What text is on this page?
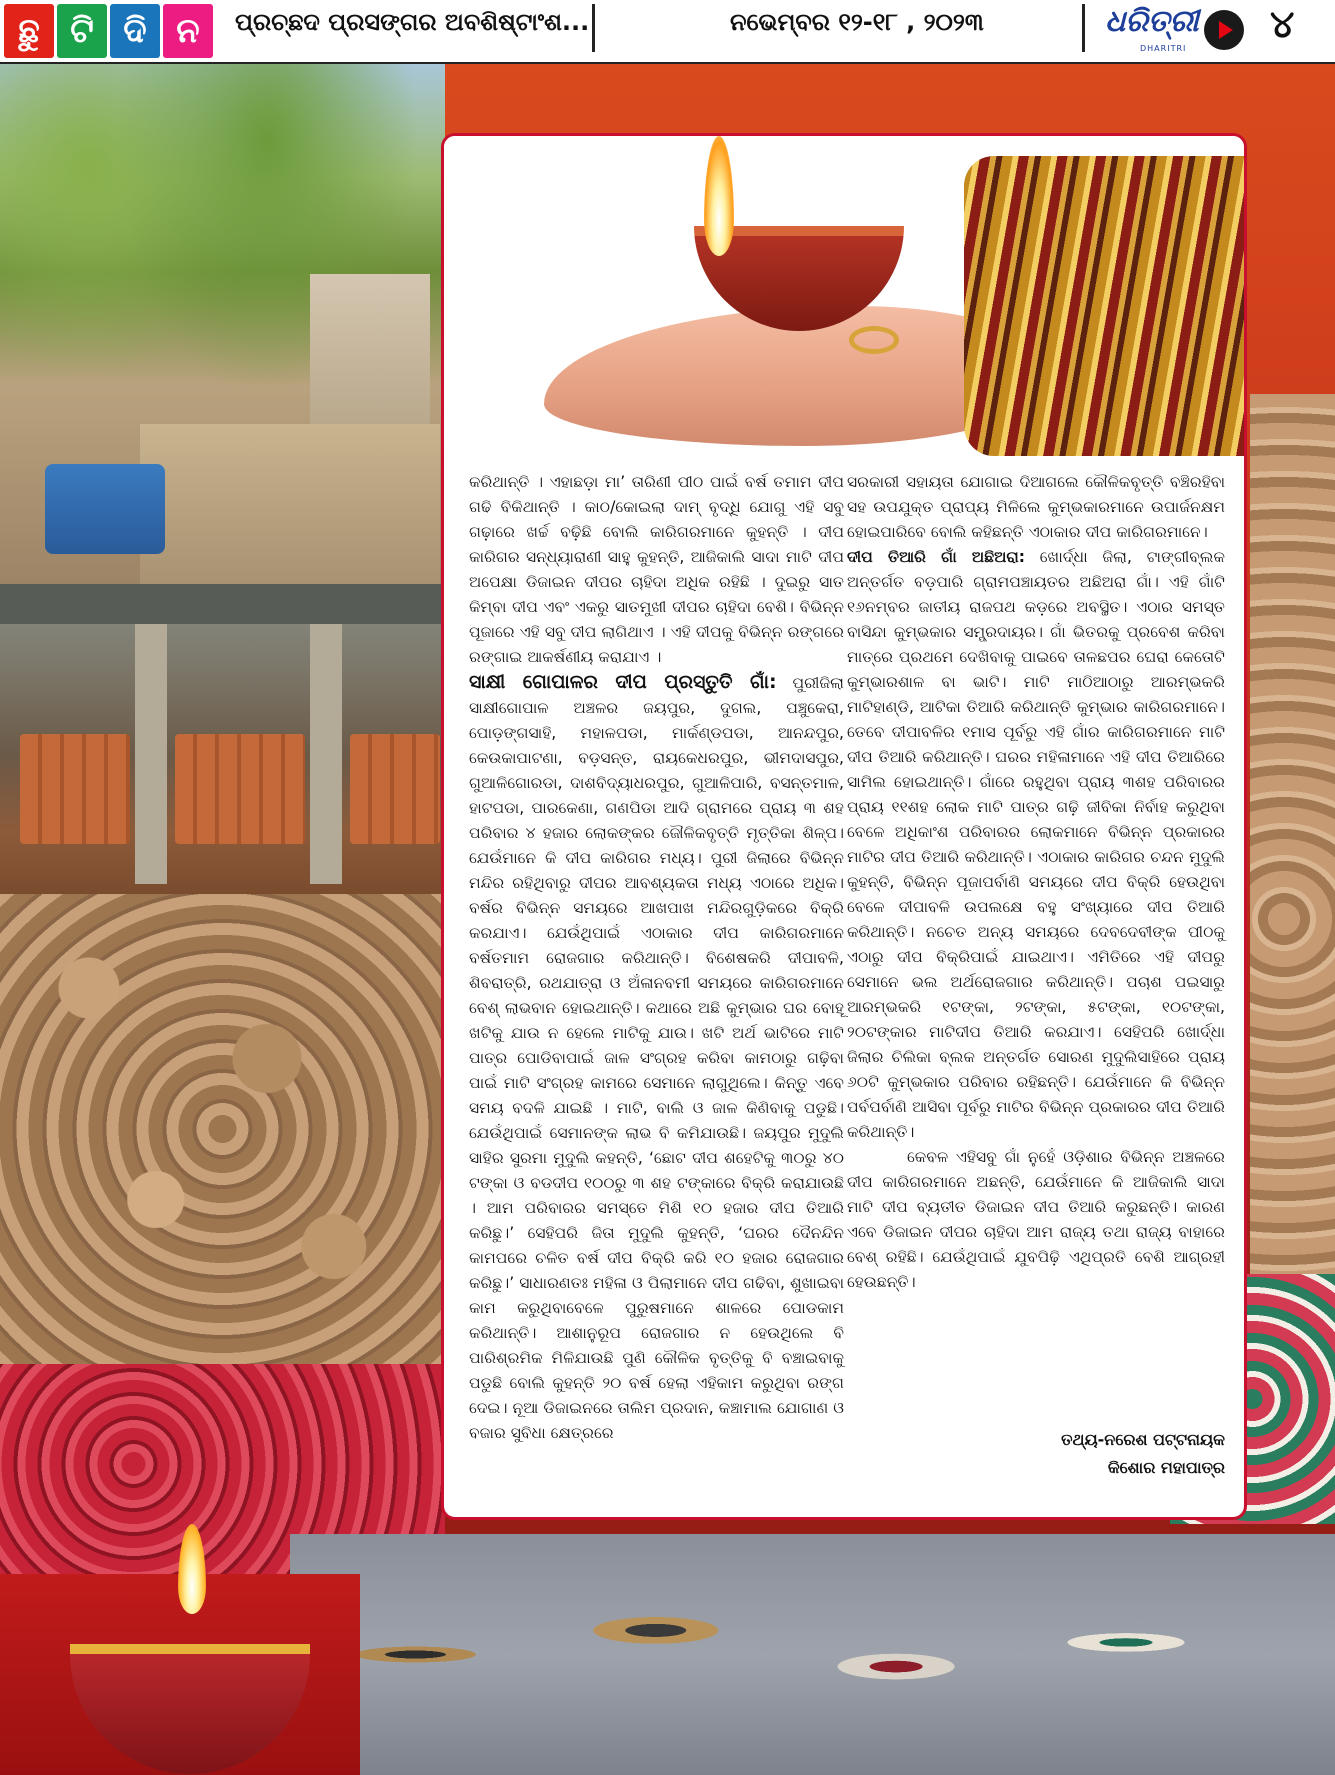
ଛୁ ଟି ଦି ନ	ପ୍ରଚ୍ଛଦ ପ୍ରସଙ୍ଗର ଅବଶିଷ୍ଟାଂଶ...	ନଭେମ୍ବର ୧୨-୧୮ , ୨୦୨୩	ଧରିତ୍ରୀ
DHARITRI
୪

କରିଥାନ୍ତି । ଏହାଛଡ଼ା ମା’ ତାରିଣୀ ପୀଠ ପାଇଁ ବର୍ଷ ତମାମ ଦୀପ ଗଢି ବିକିଥାନ୍ତି । କାଠ/କୋଇଲା ଦାମ୍ ବୃଦ୍ଧି ଯୋଗୁ ଏହି ସବୁ ଗଢ଼ାରେ ଖର୍ଚ୍ଚ ବଢ଼ିଛି ବୋଲି କାରିଗରମାନେ କୁହନ୍ତି । ଦୀପ କାରିଗର ସନ୍ଧ୍ୟାରାଣୀ ସାହୁ କୁହନ୍ତି, ଆଜିକାଲି ସାଦା ମାଟି ଦୀପ ଅପେକ୍ଷା ଡିଜାଇନ ଦୀପର ଚାହିଦା ଅଧିକ ରହିଛି । ଦୁଇରୁ ସାତ କିମ୍ବା ଦୀପ ଏବଂ ଏକରୁ ସାତମୁଖୀ ଦୀପର ଚାହିଦା ବେଶି। ବିଭିନ୍ନ ପୂଜାରେ ଏହି ସବୁ ଦୀପ ଲାଗିଥାଏ । ଏହି ଦୀପକୁ ବିଭିନ୍ନ ରଙ୍ଗରେ ରଙ୍ଗାଇ ଆକର୍ଷଣୀୟ କରାଯାଏ ।

ସାକ୍ଷୀ ଗୋପାଳର ଦୀପ ପ୍ରସ୍ତୁତି ଗାଁ: ପୁରୀଜିଲା ସାକ୍ଷୀଗୋପାଳ ଅଞ୍ଚଳର ଜୟପୁର, ଦୁଗଲ, ପଞ୍ଚୁକେରା, ପୋଡ଼ଙ୍ଗସାହି, ମହାଳପଡା, ମାର୍କଣ୍ଡପଡା, ଆନନ୍ଦପୁର, କେଉକାପାଟଣା, ବଡ଼ସନ୍ତ, ରାୟକେଧରପୁର, ଭୀମଦାସପୁର, ଗୁଆଳିଗୋରଡା, ଦାଶବିଦ୍ୟାଧରପୁର, ଗୁଆଳିପାରି, ବସନ୍ତମାଳ, ହାଟପଡା, ପାରକେଣା, ଗଣପିଡା ଆଦି ଗ୍ରାମରେ ପ୍ରାୟ ୩ ଶହ ପରିବାର ୪ ହଜାର ଲୋକଙ୍କର ଜୌଳିକବୃତ୍ତି ମୃତ୍ତିକା ଶିଳ୍ପ। ଯେଉଁମାନେ କି ଦୀପ କାରିଗର ମଧ୍ୟ। ପୁରୀ ଜିଲାରେ ବିଭିନ୍ନ ମନ୍ଦିର ରହିଥିବାରୁ ଦୀପର ଆବଶ୍ୟକତା ମଧ୍ୟ ଏଠାରେ ଅଧିକ। ବର୍ଷର ବିଭିନ୍ନ ସମୟରେ ଆଖପାଖ ମନ୍ଦିରଗୁଡ଼ିକରେ ବିକ୍ରି କରଯାଏ। ଯେଉଁଥିପାଇଁ ଏଠାକାର ଦୀପ କାରିଗରମାନେ ବର୍ଷତମାମ ରୋଜଗାର କରିଥାନ୍ତି। ବିଶେଷକରି ଦୀପାବଳି, ଶିବରାତ୍ରି, ରଥଯାତ୍ରା ଓ ଅଁଳାନବମୀ ସମୟରେ କାରିଗରମାନେ ବେଶ୍ ଲାଭବାନ ହୋଇଥାନ୍ତି। କଥାରେ ଅଛି କୁମ୍ଭାର ଘର ବୋହୂ ଖଟିକୁ ଯାଉ ନ ହେଲେ ମାଟିକୁ ଯାଉ। ଖଟି ଅର୍ଥ ଭାଟିରେ ମାଟି ପାତ୍ର ପୋଡିବାପାଇଁ ଜାଳ ସଂଗ୍ରହ କରିବା କାମଠାରୁ ଗଢ଼ିବା ପାଇଁ ମାଟି ସଂଗ୍ରହ କାମରେ ସେମାନେ ଲାଗୁଥିଲେ। କିନ୍ତୁ ଏବେ ସମୟ ବଦଳି ଯାଇଛି । ମାଟି, ବାଲି ଓ ଜାଳ କିଣିବାକୁ ପଡୁଛି। ଯେଉଁଥିପାଇଁ ସେମାନଙ୍କ ଲାଭ ବି କମିଯାଉଛି। ଜୟପୁର ମୁଦୁଲି ସାହିର ସୁରମା ମୁଦୁଲି କହନ୍ତି, ‘ଛୋଟ ଦୀପ ଶହେଟିକୁ ୩୦ରୁ ୪୦ ଟଙ୍କା ଓ ବଡଦୀପ ୧୦୦ରୁ ୩ ଶହ ଟଙ୍କାରେ ବିକ୍ରି କରାଯାଉଛି । ଆମ ପରିବାରର ସମସ୍ତେ ମିଶି ୧୦ ହଜାର ଦୀପ ତିଆରି କରିଛୁ।’ ସେହିପରି ଜିତା ମୁଦୁଲି କୁହନ୍ତି, ‘ଘରର ଦୈନନ୍ଦିନ କାମପରେ ଚଳିତ ବର୍ଷ ଦୀପ ବିକ୍ରି କରି ୧୦ ହଜାର ରୋଜଗାର କରିଛୁ।’ ସାଧାରଣତଃ ମହିଳା ଓ ପିଲାମାନେ ଦୀପ ଗଢିବା, ଶୁଖାଇବା କାମ କରୁଥିବାବେଳେ ପୁରୁଷମାନେ ଶାଳରେ ପୋଡକାମ କରିଥାନ୍ତି। ଆଶାନୁରୂପ ରୋଜଗାର ନ ହେଉଥିଲେ ବି ପାରିଶ୍ରମିକ ମିଳିଯାଉଛି ପୁଣି କୌଳିକ ବୃତ୍ତିକୁ ବି ବଞ୍ଚାଇବାକୁ ପଡୁଛି ବୋଲି କୁହନ୍ତି ୨୦ ବର୍ଷ ହେଲା ଏହିକାମ କରୁଥିବା ରଙ୍ଗ ଦେଇ। ନୂଆ ଡିଜାଇନରେ ତାଲିମ ପ୍ରଦାନ, କଞ୍ଚାମାଲ ଯୋଗାଣ ଓ ବଜାର ସୁବିଧା କ୍ଷେତ୍ରରେ

ସରକାରୀ ସହାୟତା ଯୋଗାଇ ଦିଆଗଲେ କୌଳିକବୃତ୍ତି ବଞ୍ଚିରହିବା ସହ ଉପଯୁକ୍ତ ପ୍ରାପ୍ୟ ମିଳିଲେ କୁମ୍ଭକାରମାନେ ଉପାର୍ଜନକ୍ଷମ ହୋଇପାରିବେ ବୋଲି କହିଛନ୍ତି ଏଠାକାର ଦୀପ କାରିଗରମାନେ।

ଦୀପ ତିଆରି ଗାଁ ଅଛିଅରା: ଖୋର୍ଦ୍ଧା ଜିଲା, ଟାଙ୍ଗୀବ୍ଲକ ଅନ୍ତର୍ଗତ ବଡ଼ପାରି ଗ୍ରାମପଞ୍ଚାୟତର ଅଛିଅରା ଗାଁ। ଏହି ଗାଁଟି ୧୬ନମ୍ବର ଜାତୀୟ ରାଜପଥ କଡ଼ରେ ଅବସ୍ଥିତ। ଏଠାର ସମସ୍ତ ବାସିନ୍ଦା କୁମ୍ଭକାର ସମ୍ପ୍ରଦାୟର। ଗାଁ ଭିତରକୁ ପ୍ରବେଶ କରିବା ମାତ୍ରେ ପ୍ରଥମେ ଦେଖିବାକୁ ପାଇବେ ତାଳଛପର ଘେରା କେତୋଟି କୁମ୍ଭାରଶାଳ ବା ଭାଟି। ମାଟି ମାଠିଆଠାରୁ ଆରମ୍ଭକରି ମାଟିହାଣ୍ଡି, ଆଟିକା ତିଆରି କରିଥାନ୍ତି କୁମ୍ଭାର କାରିଗରମାନେ। ତେବେ ଦୀପାବଳିର ୧ମାସ ପୂର୍ବରୁ ଏହି ଗାଁର କାରିଗରମାନେ ମାଟି ଦୀପ ତିଆରି କରିଥାନ୍ତି। ଘରର ମହିଳାମାନେ ଏହି ଦୀପ ତିଆରିରେ ସାମିଲ ହୋଇଥାନ୍ତି। ଗାଁରେ ରହୁଥିବା ପ୍ରାୟ ୩ଶହ ପରିବାରର ପ୍ରାୟ ୧୧ଶହ ଲୋକ ମାଟି ପାତ୍ର ଗଢ଼ି ଜୀବିକା ନିର୍ବାହ କରୁଥିବା ବେଳେ ଅଧିକାଂଶ ପରିବାରର ଲୋକମାନେ ବିଭିନ୍ନ ପ୍ରକାରର ମାଟିର ଦୀପ ତିଆରି କରିଥାନ୍ତି। ଏଠାକାର କାରିଗର ଚନ୍ଦନ ମୁଦୁଲି କୁହନ୍ତି, ବିଭିନ୍ନ ପୂଜାପର୍ବାଣି ସମୟରେ ଦୀପ ବିକ୍ରି ହେଉଥିବା ବେଳେ ଦୀପାବଳି ଉପଲକ୍ଷେ ବହୁ ସଂଖ୍ୟାରେ ଦୀପ ତିଆରି କରିଥାନ୍ତି। ନଚେତ ଅନ୍ୟ ସମୟରେ ଦେବଦେବୀଙ୍କ ପୀଠକୁ ଏଠାରୁ ଦୀପ ବିକ୍ରିପାଇଁ ଯାଇଥାଏ। ଏମିତିରେ ଏହି ଦୀପରୁ ସେମାନେ ଭଲ ଅର୍ଥରୋଜଗାର କରିଥାନ୍ତି। ପଚାଶ ପଇସାରୁ ଆରମ୍ଭକରି ୧ଟଙ୍କା, ୨ଟଙ୍କା, ୫ଟଙ୍କା, ୧୦ଟଙ୍କା, ୨୦ଟଙ୍କାର ମାଟିଦୀପ ତିଆରି କରଯାଏ। ସେହିପରି ଖୋର୍ଦ୍ଧା ଜିଲାର ଚିଲିକା ବ୍ଲକ ଅନ୍ତର୍ଗତ ସୋରଣ ମୁଦୁଲିସାହିରେ ପ୍ରାୟ ୬୦ଟି କୁମ୍ଭକାର ପରିବାର ରହିଛନ୍ତି। ଯେଉଁମାନେ କି ବିଭିନ୍ନ ପର୍ବପର୍ବାଣି ଆସିବା ପୂର୍ବରୁ ମାଟିର ବିଭିନ୍ନ ପ୍ରକାରର ଦୀପ ତିଆରି କରିଥାନ୍ତି।

କେବଳ ଏହିସବୁ ଗାଁ ନୁହେଁ ଓଡ଼ିଶାର ବିଭିନ୍ନ ଅଞ୍ଚଳରେ ଦୀପ କାରିଗରମାନେ ଅଛନ୍ତି, ଯେଉଁମାନେ କି ଆଜିକାଲି ସାଦା ମାଟି ଦୀପ ବ୍ୟତୀତ ଡିଜାଇନ ଦୀପ ତିଆରି କରୁଛନ୍ତି। କାରଣ ଏବେ ଡିଜାଇନ ଦୀପର ଚାହିଦା ଆମ ରାଜ୍ୟ ତଥା ରାଜ୍ୟ ବାହାରେ ବେଶ୍ ରହିଛି। ଯେଉଁଥିପାଇଁ ଯୁବପିଢ଼ି ଏଥିପ୍ରତି ବେଶି ଆଗ୍ରହୀ ହେଉଛନ୍ତି।

ତଥ୍ୟ-ନରେଶ ପଟ୍ଟନାୟକ
କିଶୋର ମହାପାତ୍ର
